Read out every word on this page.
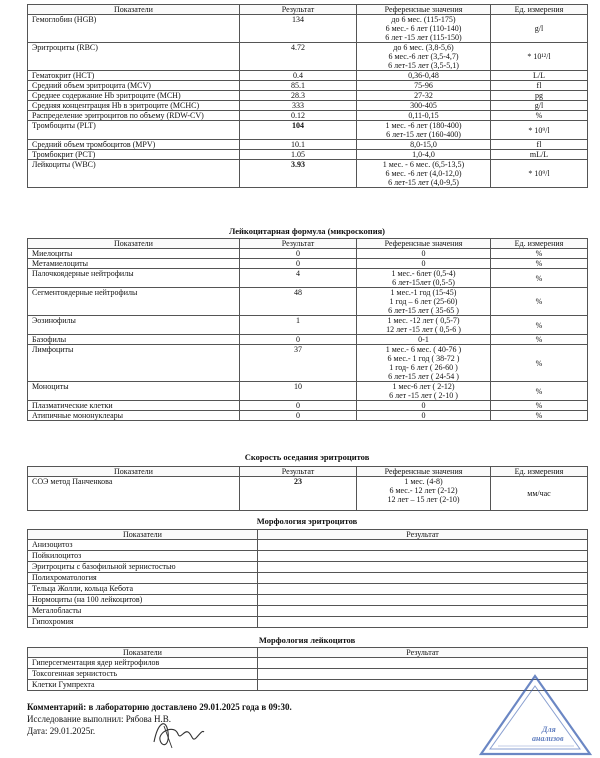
Показатели	Результат	Референсные значения	Ед. измерения
Гемоглобин (HGB)	134	до 6 мес. (115-175)
6 мес.- 6 лет (110-140)
6 лет -15 лет (115-150)	g/l
Эритроциты (RBC)	4.72	до 6 мес. (3,8-5,6)
6 мес.-6 лет (3,5-4,7)
6 лет-15 лет (3,5-5,1)	* 10¹²/l
Гематокрит (HCT)	0.4	0,36-0,48	L/L
Средний объем эритроцита (MCV)	85.1	75-96	fl
Среднее содержание Hb эритроците (MCH)	28.3	27-32	pg
Средняя концентрация Hb в эритроците (MCHC)	333	300-405	g/l
Распределение эритроцитов по объему (RDW-CV)	0.12	0,11-0,15	%
Тромбоциты (PLT)	104	1 мес. -6 лет (180-400)
6 лет-15 лет (160-400)	* 10⁹/l
Средний объем тромбоцитов (MPV)	10.1	8,0-15,0	fl
Тромбокрит (PCT)	1.05	1,0-4,0	mL/L
Лейкоциты (WBC)	3.93	1 мес. - 6 мес. (6,5-13,5)
6 мес. -6 лет (4,0-12,0)
6 лет-15 лет (4,0-9,5)	* 10⁹/l
Лейкоцитарная формула (микроскопия)
Показатели	Результат	Референсные значения	Ед. измерения
Миелоциты	0	0	%
Метамиелоциты	0	0	%
Палочкоядерные нейтрофилы	4	1 мес.- 6лет (0,5-4)
6 лет-15лет (0,5-5)	%
Сегментоядерные нейтрофилы	48	1 мес.-1 год (15-45)
1 год – 6 лет (25-60)
6 лет-15 лет ( 35-65 )	%
Эозинофилы	1	1 мес. -12 лет ( 0,5-7)
12 лет -15 лет ( 0,5-6 )	%
Базофилы	0	0-1	%
Лимфоциты	37	1 мес.- 6 мес. ( 40-76 )
6 мес.- 1 год ( 38-72 )
1 год- 6 лет ( 26-60 )
6 лет-15 лет ( 24-54 )	%
Моноциты	10	1 мес-6 лет ( 2-12)
6 лет -15 лет ( 2-10 )	%
Плазматические клетки	0	0	%
Атипичные мононуклеары	0	0	%
Скорость оседания эритроцитов
Показатели	Результат	Референсные значения	Ед. измерения
СОЭ метод Панченкова	23	1 мес. (4-8)
6 мес.- 12 лет (2-12)
12 лет – 15 лет (2-10)	мм/час
Морфология эритроцитов
Показатели	Результат
Анизоцитоз	
Пойкилоцитоз	
Эритроциты с базофильной зернистостью	
Полихроматология	
Тельца Жолли, кольца Кебота	
Нормоциты (на 100 лейкоцитов)	
Мегалобласты	
Гипохромия	
Морфология лейкоцитов
Показатели	Результат
Гиперсегментация ядер нейтрофилов	
Токсогенная зернистость	
Клетки Гумпрехта	
Комментарий: в лабораторию доставлено 29.01.2025 года в 09:30.
Исследование выполнил: Рябова Н.В.
Дата: 29.01.2025г.	Для
анализов
